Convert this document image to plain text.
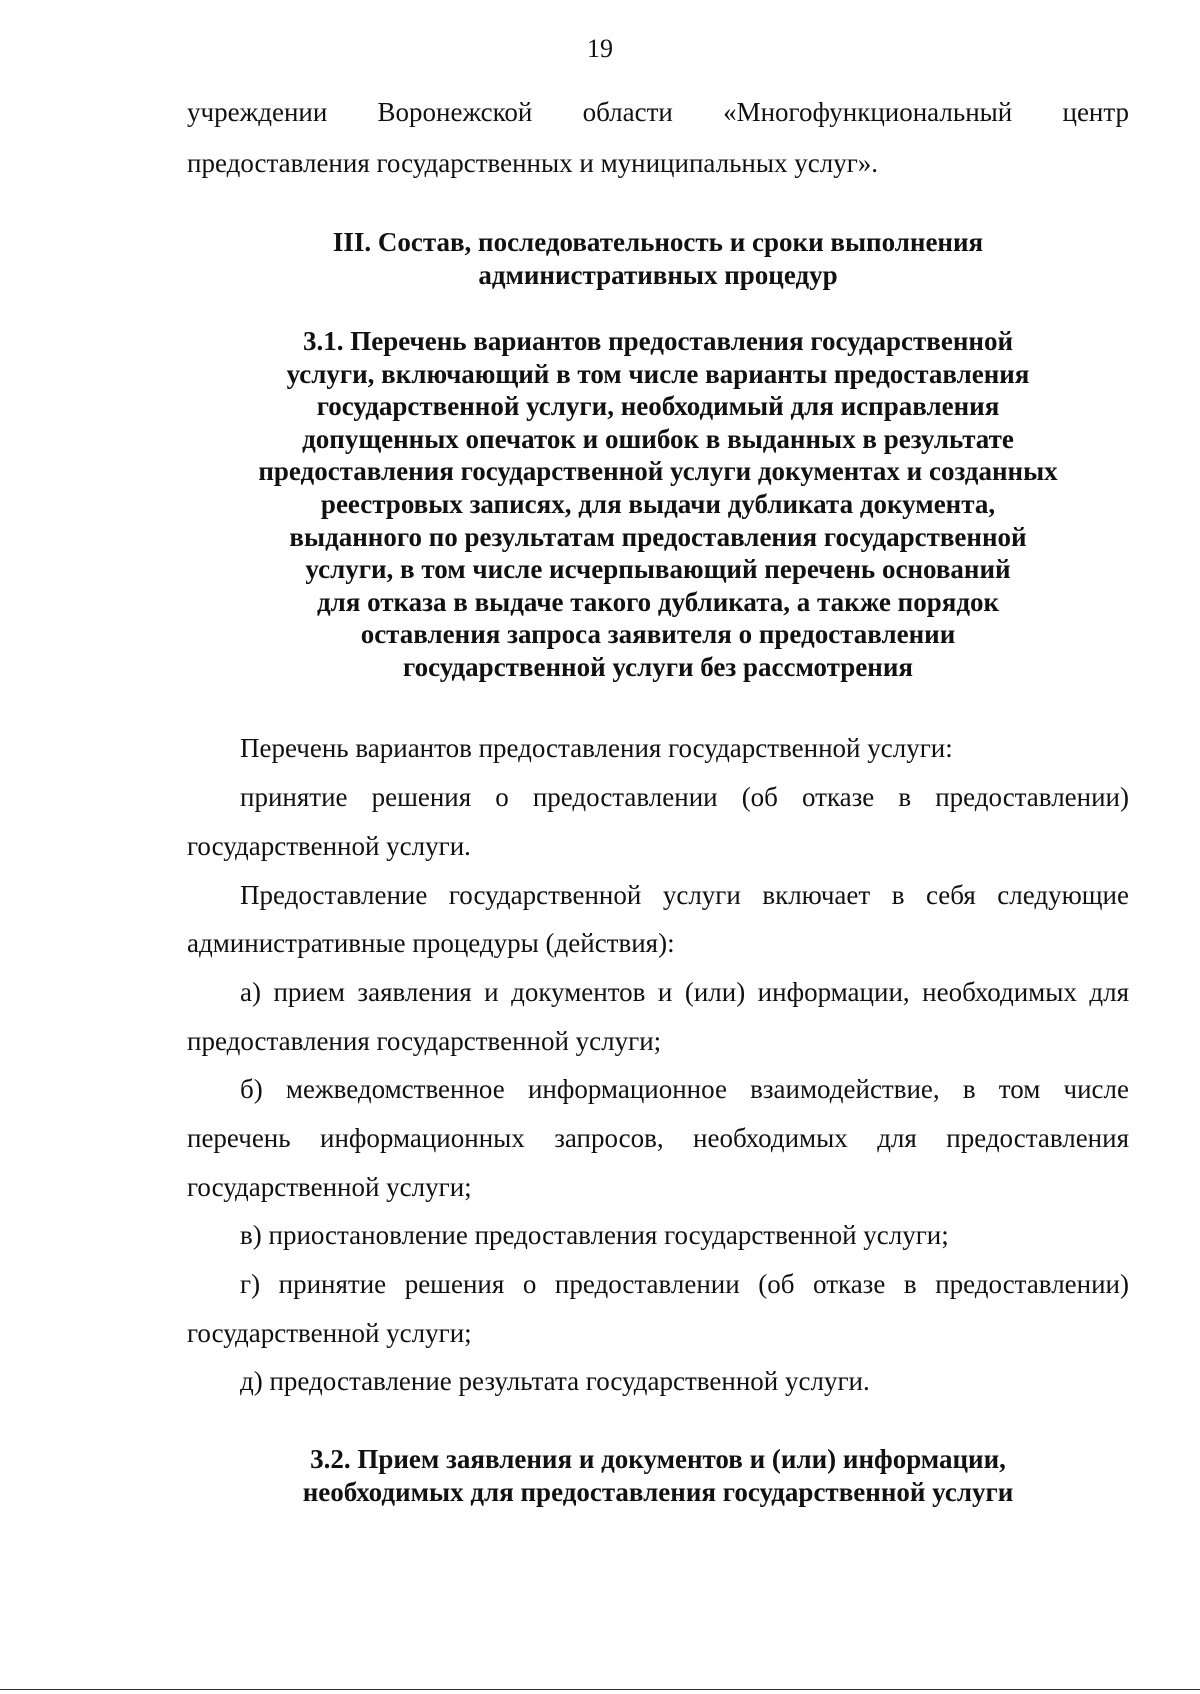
19
учреждении Воронежской области «Многофункциональный центр
предоставления государственных и муниципальных услуг».
III. Состав, последовательность и сроки выполнения
административных процедур
3.1. Перечень вариантов предоставления государственной
услуги, включающий в том числе варианты предоставления
государственной услуги, необходимый для исправления
допущенных опечаток и ошибок в выданных в результате
предоставления государственной услуги документах и созданных
реестровых записях, для выдачи дубликата документа,
выданного по результатам предоставления государственной
услуги, в том числе исчерпывающий перечень оснований
для отказа в выдаче такого дубликата, а также порядок
оставления запроса заявителя о предоставлении
государственной услуги без рассмотрения
Перечень вариантов предоставления государственной услуги:
принятие решения о предоставлении (об отказе в предоставлении)
государственной услуги.
Предоставление государственной услуги включает в себя следующие
административные процедуры (действия):
а) прием заявления и документов и (или) информации, необходимых для
предоставления государственной услуги;
б) межведомственное информационное взаимодействие, в том числе
перечень информационных запросов, необходимых для предоставления
государственной услуги;
в) приостановление предоставления государственной услуги;
г) принятие решения о предоставлении (об отказе в предоставлении)
государственной услуги;
д) предоставление результата государственной услуги.
3.2. Прием заявления и документов и (или) информации,
необходимых для предоставления государственной услуги
